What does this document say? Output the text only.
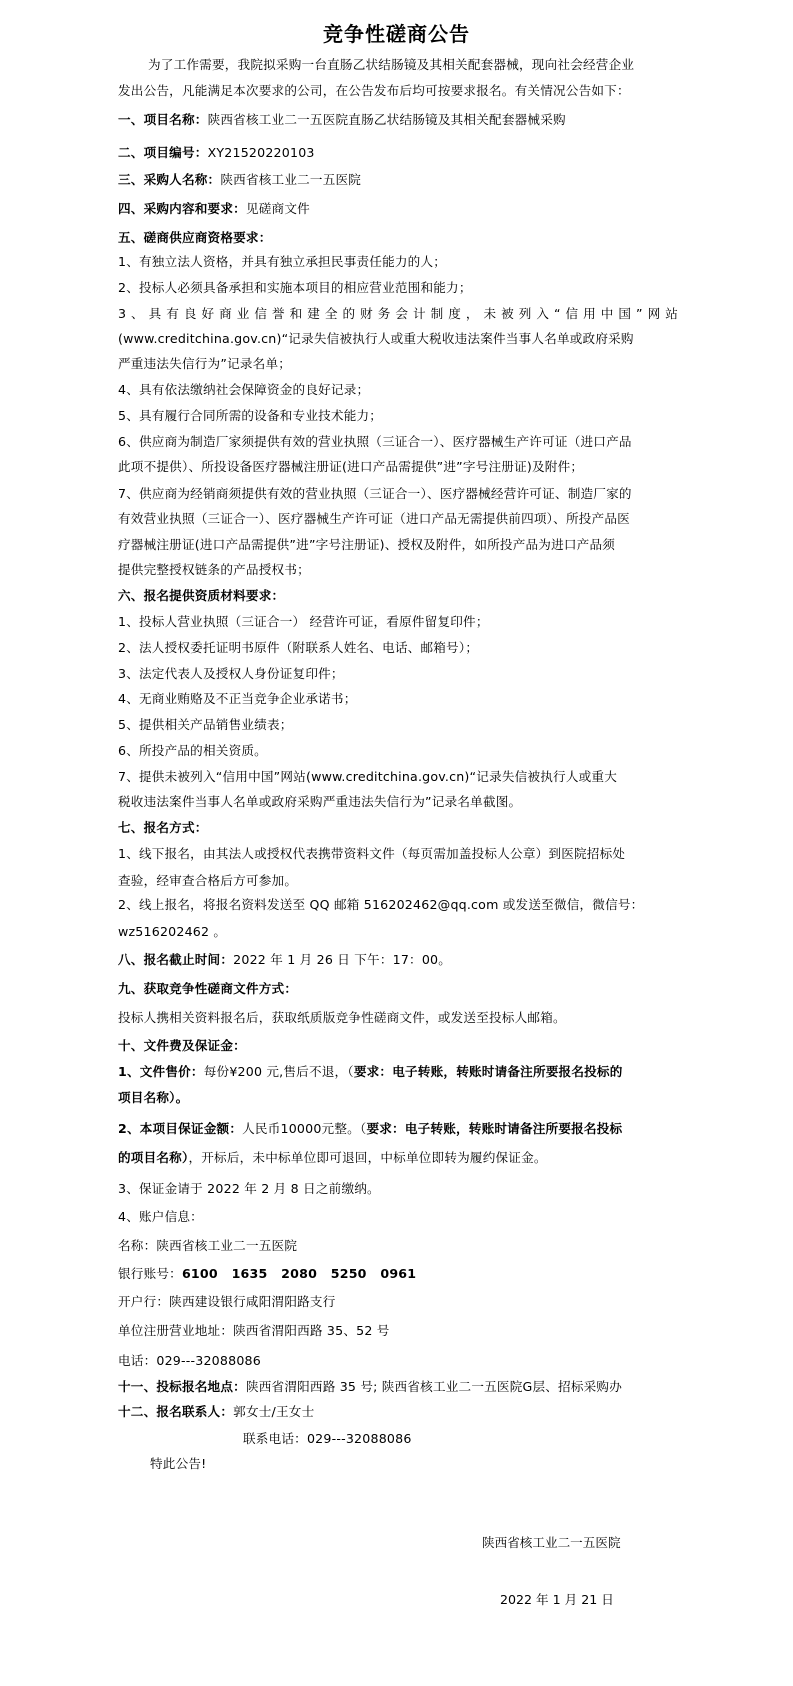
竞争性磋商公告
为了工作需要，我院拟采购一台直肠乙状结肠镜及其相关配套器械，现向社会经营企业
发出公告，凡能满足本次要求的公司，在公告发布后均可按要求报名。有关情况公告如下：
一、项目名称：陕西省核工业二一五医院直肠乙状结肠镜及其相关配套器械采购
二、项目编号：XY21520220103
三、采购人名称：陕西省核工业二一五医院
四、采购内容和要求：见磋商文件
五、磋商供应商资格要求：
1、有独立法人资格，并具有独立承担民事责任能力的人；
2、投标人必须具备承担和实施本项目的相应营业范围和能力；
3、具有良好商业信誉和建全的财务会计制度，未被列入“信用中国”网站
(www.creditchina.gov.cn)“记录失信被执行人或重大税收违法案件当事人名单或政府采购
严重违法失信行为”记录名单；
4、具有依法缴纳社会保障资金的良好记录；
5、具有履行合同所需的设备和专业技术能力；
6、供应商为制造厂家须提供有效的营业执照（三证合一）、医疗器械生产许可证（进口产品
此项不提供）、所投设备医疗器械注册证(进口产品需提供”进”字号注册证)及附件；
7、供应商为经销商须提供有效的营业执照（三证合一）、医疗器械经营许可证、制造厂家的
有效营业执照（三证合一）、医疗器械生产许可证（进口产品无需提供前四项）、所投产品医
疗器械注册证(进口产品需提供”进”字号注册证)、授权及附件，如所投产品为进口产品须
提供完整授权链条的产品授权书；
六、报名提供资质材料要求：
1、投标人营业执照（三证合一） 经营许可证，看原件留复印件；
2、法人授权委托证明书原件（附联系人姓名、电话、邮箱号）；
3、法定代表人及授权人身份证复印件；
4、无商业贿赂及不正当竞争企业承诺书；
5、提供相关产品销售业绩表；
6、所投产品的相关资质。
7、提供未被列入“信用中国”网站(www.creditchina.gov.cn)“记录失信被执行人或重大
税收违法案件当事人名单或政府采购严重违法失信行为”记录名单截图。
七、报名方式：
1、线下报名，由其法人或授权代表携带资料文件（每页需加盖投标人公章）到医院招标处
查验，经审查合格后方可参加。
2、线上报名，将报名资料发送至 QQ 邮箱 516202462@qq.com 或发送至微信，微信号：
wz516202462 。
八、报名截止时间：2022 年 1 月 26 日 下午：17：00。
九、获取竞争性磋商文件方式：
投标人携相关资料报名后，获取纸质版竞争性磋商文件，或发送至投标人邮箱。
十、文件费及保证金：
1、文件售价：每份¥200 元,售后不退，（要求：电子转账，转账时请备注所要报名投标的
项目名称）。
2、本项目保证金额：人民币10000元整。（要求：电子转账，转账时请备注所要报名投标
的项目名称），开标后，未中标单位即可退回，中标单位即转为履约保证金。
3、保证金请于 2022 年 2 月 8 日之前缴纳。
4、账户信息：
名称：陕西省核工业二一五医院
银行账号：6100   1635   2080   5250   0961
开户行：陕西建设银行咸阳渭阳路支行
单位注册营业地址：陕西省渭阳西路 35、52 号
电话：029---32088086
十一、投标报名地点：陕西省渭阳西路 35 号; 陕西省核工业二一五医院G层、招标采购办
十二、报名联系人：郭女士/王女士
联系电话：029---32088086
特此公告!
陕西省核工业二一五医院
2022 年 1 月 21 日
